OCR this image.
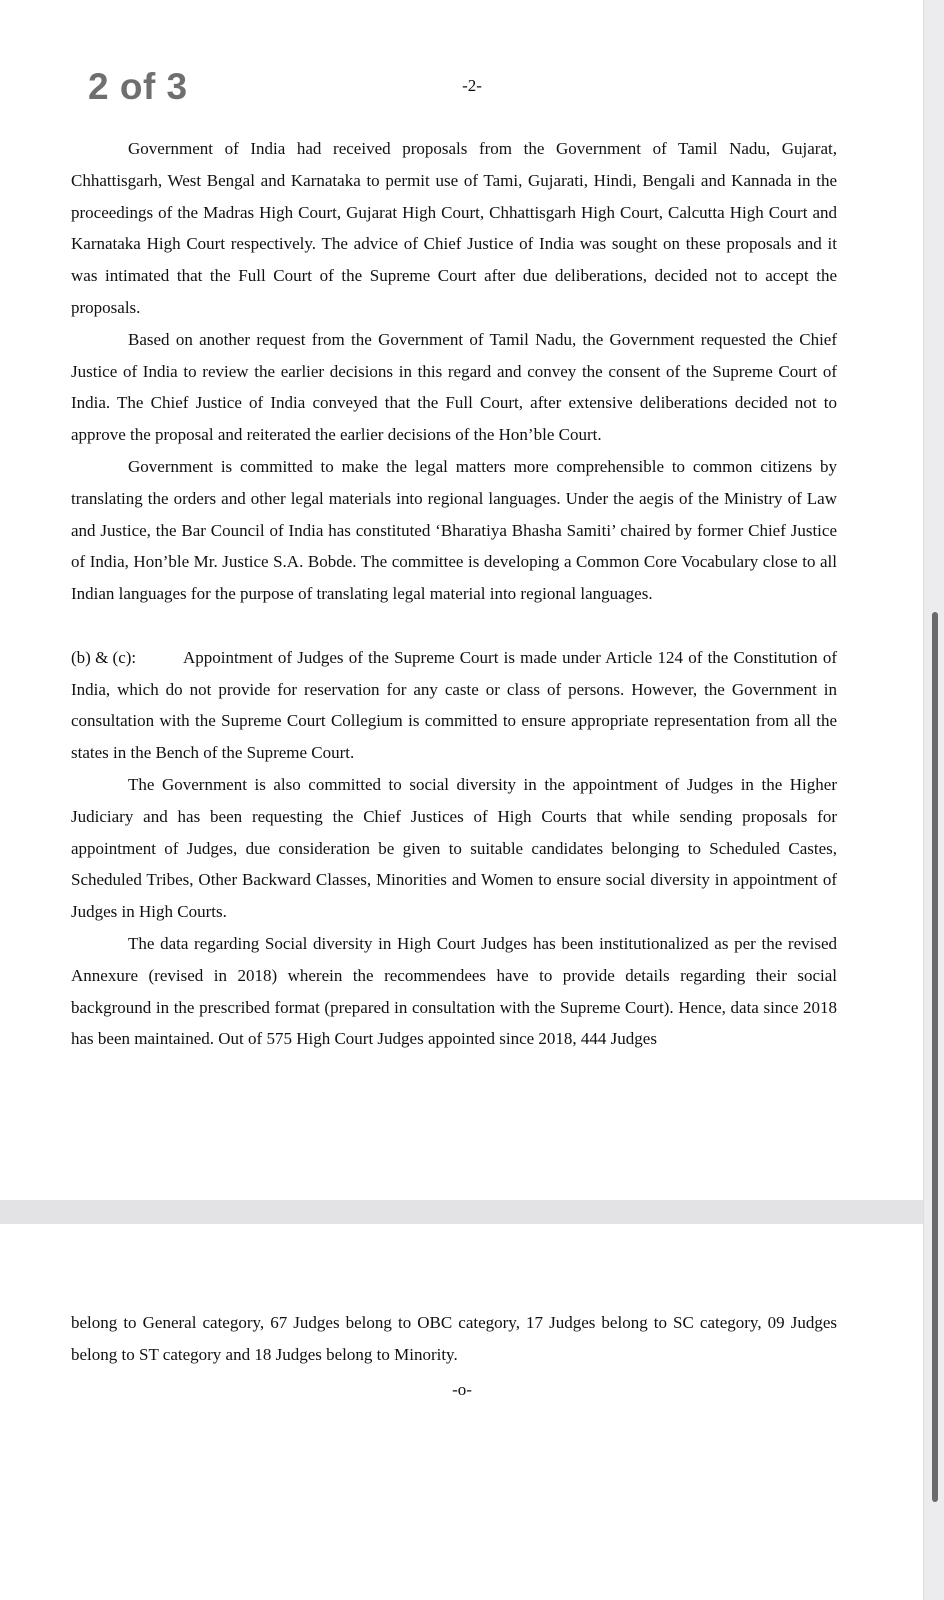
2 of 3	-2-

Government of India had received proposals from the Government of Tamil Nadu, Gujarat, Chhattisgarh, West Bengal and Karnataka to permit use of Tami, Gujarati, Hindi, Bengali and Kannada in the proceedings of the Madras High Court, Gujarat High Court, Chhattisgarh High Court, Calcutta High Court and Karnataka High Court respectively. The advice of Chief Justice of India was sought on these proposals and it was intimated that the Full Court of the Supreme Court after due deliberations, decided not to accept the proposals.

Based on another request from the Government of Tamil Nadu, the Government requested the Chief Justice of India to review the earlier decisions in this regard and convey the consent of the Supreme Court of India. The Chief Justice of India conveyed that the Full Court, after extensive deliberations decided not to approve the proposal and reiterated the earlier decisions of the Hon’ble Court.

Government is committed to make the legal matters more comprehensible to common citizens by translating the orders and other legal materials into regional languages. Under the aegis of the Ministry of Law and Justice, the Bar Council of India has constituted ‘Bharatiya Bhasha Samiti’ chaired by former Chief Justice of India, Hon’ble Mr. Justice S.A. Bobde. The committee is developing a Common Core Vocabulary close to all Indian languages for the purpose of translating legal material into regional languages.

(b) & (c):	Appointment of Judges of the Supreme Court is made under Article 124 of the Constitution of India, which do not provide for reservation for any caste or class of persons. However, the Government in consultation with the Supreme Court Collegium is committed to ensure appropriate representation from all the states in the Bench of the Supreme Court.

The Government is also committed to social diversity in the appointment of Judges in the Higher Judiciary and has been requesting the Chief Justices of High Courts that while sending proposals for appointment of Judges, due consideration be given to suitable candidates belonging to Scheduled Castes, Scheduled Tribes, Other Backward Classes, Minorities and Women to ensure social diversity in appointment of Judges in High Courts.

The data regarding Social diversity in High Court Judges has been institutionalized as per the revised Annexure (revised in 2018) wherein the recommendees have to provide details regarding their social background in the prescribed format (prepared in consultation with the Supreme Court). Hence, data since 2018 has been maintained. Out of 575 High Court Judges appointed since 2018, 444 Judges

belong to General category, 67 Judges belong to OBC category, 17 Judges belong to SC category, 09 Judges belong to ST category and 18 Judges belong to Minority.

-o-
